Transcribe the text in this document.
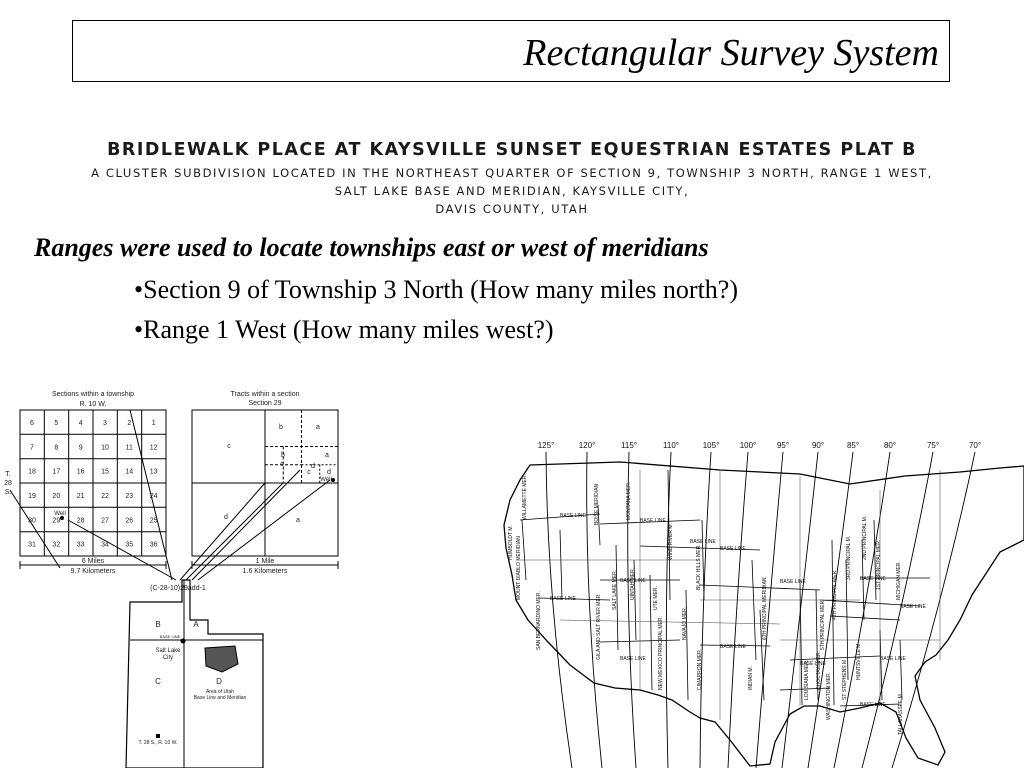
Rectangular Survey System
BRIDLEWALK PLACE AT KAYSVILLE SUNSET EQUESTRIAN ESTATES PLAT B
A CLUSTER SUBDIVISION LOCATED IN THE NORTHEAST QUARTER OF SECTION 9, TOWNSHIP 3 NORTH, RANGE 1 WEST,
SALT LAKE BASE AND MERIDIAN, KAYSVILLE CITY,
DAVIS COUNTY, UTAH
Ranges were used to locate townships east or west of meridians
•Section 9 of Township 3 North (How many miles north?)
•Range 1 West (How many miles west?)
Sections within a township
R. 10 W.
Tracts within a section
Section 29
T.
28
S.
6 Miles
9.7 Kilometers
1 Mile
1.6 Kilometers
Well
Well
(C-28-10)29add-1
B	A
C	D
Salt Lake
City
BASE LINE
Area of Utah
Base Line and Meridian
T. 28 S., R. 10 W.
6	5	4	3	2	1
7	8	9	10 11 12
18 17 16 15 14 13
19 20 21 22 23 24
30 29 28 27 26 25
31 32 33 34 35 36
b	a
b	a
c	d
c
d	a
c d
125°	120°	115°	110°	105°	100°	95°	90°	85°	80°	75°	70°
HUMBOLDT M.
WILLAMETTE MER.
MOUNT DIABLO MERIDIAN
SAN BERNARDINO MER.	GILA AND SALT RIVER MER.
BOISE MERIDIAN	MONTANA MER.
SALT LAKE MER. UINTAH MER.	UTE MER.
WIND RIVER M.
NAVAJO MER.
NEW MEXICO PRINCIPAL MER.
BLACK HILLS MER.
6TH PRINCIPAL MERIDIAN
CIMARRON MER.	INDIAN M.
5TH PRINCIPAL MER.
4TH PRINCIPAL MER.
3RD PRINCIPAL M. 2ND PRINCIPAL M.
1ST PRINCIPAL MER.	MICHIGAN MER.
LOUISIANA MER. CHOCTAW MER.	HUNTSVILLE M.
TALLAHASSEE M.
WASHINGTON MER. ST STEPHENS M.
BASE LINE
BASE LINE
BASE LINE
BASE LINE
BASE LINE	BASE LINE
BASE LINE
BASE LINE
BASE LINE
BASE LINE
BASE LINE
BASE LINE
BASE LINE
BASE LINE
